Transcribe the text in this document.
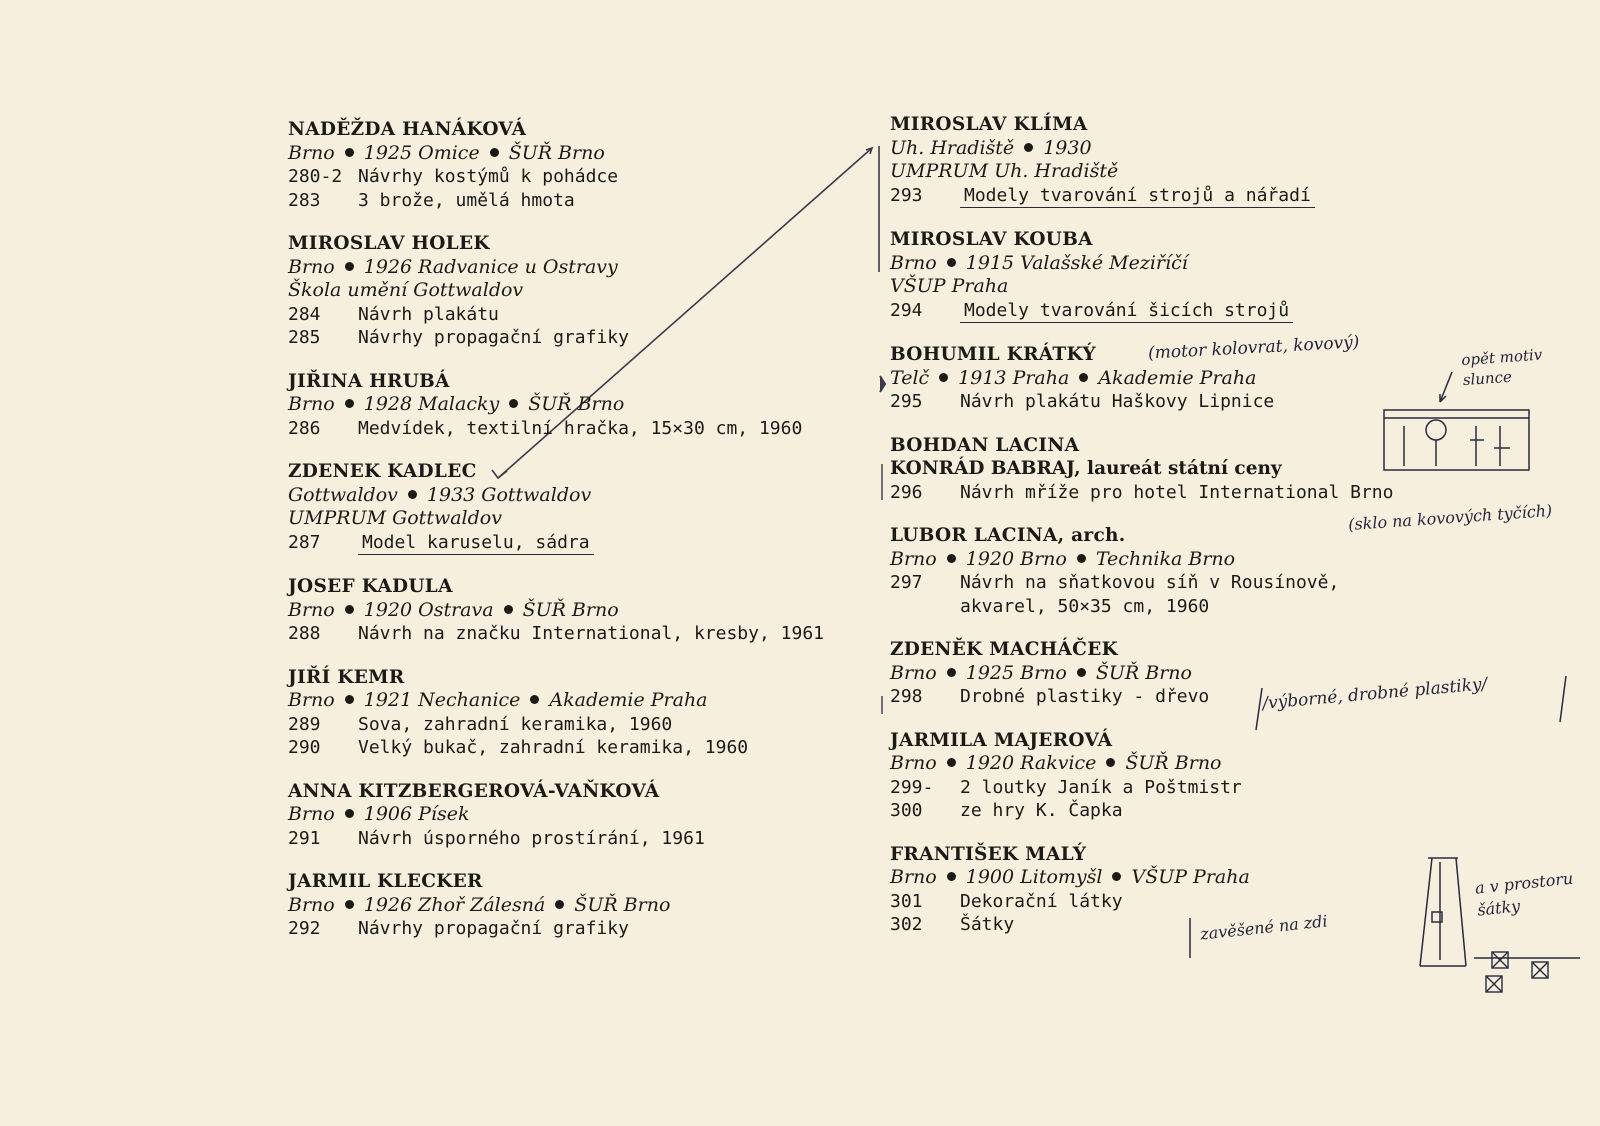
NADĚŽDA HANÁKOVÁ
Brno 1925 Omice ŠUŘ Brno
280-2 Návrhy kostýmů k pohádce
283	3 brože, umělá hmota
MIROSLAV HOLEK
Brno 1926 Radvanice u Ostravy
Škola umění Gottwaldov
284	Návrh plakátu
285	Návrhy propagační grafiky
JIŘINA HRUBÁ
Brno 1928 Malacky ŠUŘ Brno
286	Medvídek, textilní hračka, 15×30 cm, 1960
ZDENEK KADLEC
Gottwaldov 1933 Gottwaldov
UMPRUM Gottwaldov
287	Model karuselu, sádra
JOSEF KADULA
Brno 1920 Ostrava ŠUŘ Brno
288	Návrh na značku International, kresby, 1961
JIŘÍ KEMR
Brno 1921 Nechanice Akademie Praha
289	Sova, zahradní keramika, 1960
290	Velký bukač, zahradní keramika, 1960
ANNA KITZBERGEROVÁ-VAŇKOVÁ
Brno 1906 Písek
291	Návrh úsporného prostírání, 1961
JARMIL KLECKER
Brno 1926 Zhoř Zálesná ŠUŘ Brno
292	Návrhy propagační grafiky
MIROSLAV KLÍMA
Uh. Hradiště 1930
UMPRUM Uh. Hradiště
293	Modely tvarování strojů a nářadí
MIROSLAV KOUBA
Brno 1915 Valašské Meziříčí
VŠUP Praha
294	Modely tvarování šicích strojů
BOHUMIL KRÁTKÝ
Telč 1913 Praha Akademie Praha
295	Návrh plakátu Haškovy Lipnice
BOHDAN LACINA
KONRÁD BABRAJ, laureát státní ceny
296	Návrh mříže pro hotel International Brno
LUBOR LACINA, arch.
Brno 1920 Brno Technika Brno
297	Návrh na sňatkovou síň v Rousínově,
akvarel, 50×35 cm, 1960
ZDENĚK MACHÁČEK
Brno 1925 Brno ŠUŘ Brno
298	Drobné plastiky - dřevo
JARMILA MAJEROVÁ
Brno 1920 Rakvice ŠUŘ Brno
299-	2 loutky Janík a Poštmistr
300	ze hry K. Čapka
FRANTIŠEK MALÝ
Brno 1900 Litomyšl VŠUP Praha
301	Dekorační látky
302	Šátky
(motor kolovrat, kovový)	opět motiv slunce
(sklo na kovových tyčích)
/výborné, drobné plastiky/
zavěšené na zdi
a v prostoru šátky
